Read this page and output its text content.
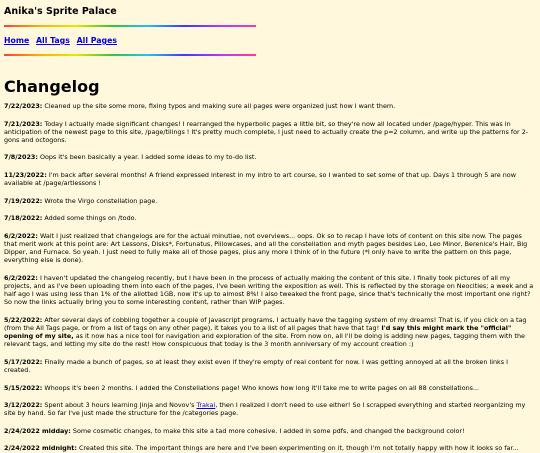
Anika's Sprite Palace
Home All Tags All Pages
Changelog

7/22/2023: Cleaned up the site some more, fixing typos and making sure all pages were organized just how I want them.

7/21/2023: Today I actually made significant changes! I rearranged the hyperbolic pages a little bit, so they're now all located under /page/hyper. This was in anticipation of the newest page to this site, /page/tilings ! It's pretty much complete, I just need to actually create the p=2 column, and write up the patterns for 2-gons and octogons.

7/8/2023: Oops it's been basically a year. I added some ideas to my to-do list.

11/23/2022: I'm back after several months! A friend expressed interest in my intro to art course, so I wanted to set some of that up. Days 1 through 5 are now available at /page/artlessons !

7/19/2022: Wrote the Virgo constellation page.

7/18/2022: Added some things on /todo.

6/2/2022: Wait I just realized that changelogs are for the actual minutiae, not overviews... oops. Ok so to recap I have lots of content on this site now. The pages that merit work at this point are: Art Lessons, Disks*, Fortunatus, Pillowcases, and all the constellation and myth pages besides Leo, Leo Minor, Berenice's Hair, Big Dipper, and Furnace. So yeah. I just need to fully make all of those pages, plus any more I think of in the future (*I only have to write the pattern on this page, everything else is done).

6/2/2022: I haven't updated the changelog recently, but I have been in the process of actually making the content of this site. I finally took pictures of all my projects, and as I've been uploading them into each of the pages, I've been writing the exposition as well. This is reflected by the storage on Neocities; a week and a half ago I was using less than 1% of the allotted 1GB, now it's up to almost 8%! I also tweaked the front page, since that's technically the most important one right? So now the links actually bring you to some interesting content, rather than WIP pages.

5/22/2022: After several days of cobbling together a couple of Javascript programs, I actually have the tagging system of my dreams! That is, if you click on a tag (from the All Tags page, or from a list of tags on any other page), it takes you to a list of all pages that have that tag! I'd say this might mark the "official" opening of my site, as it now has a nice tool for navigation and exploration of the site. From now on, all I'll be doing is adding new pages, tagging them with the relevant tags, and letting my site do the rest! How conspicuous that today is the 3 month anniversary of my account creation :)

5/17/2022: Finally made a bunch of pages, so at least they exist even if they're empty of real content for now. I was getting annoyed at all the broken links I created.

5/15/2022: Whoops it's been 2 months. I added the Constellations page! Who knows how long it'll take me to write pages on all 88 constellations...

3/12/2022: Spent about 3 hours learning Jinja and Novov's Trakai, then I realized I don't need to use either! So I scrapped everything and started reorganizing my site by hand. So far I've just made the structure for the /categories page.

2/24/2022 midday: Some cosmetic changes, to make this site a tad more cohesive. I added in some pdfs, and changed the background color!

2/24/2022 midnight: Created this site. The important things are here and I've been experimenting on it, though I'm not totally happy with how it looks so far...
